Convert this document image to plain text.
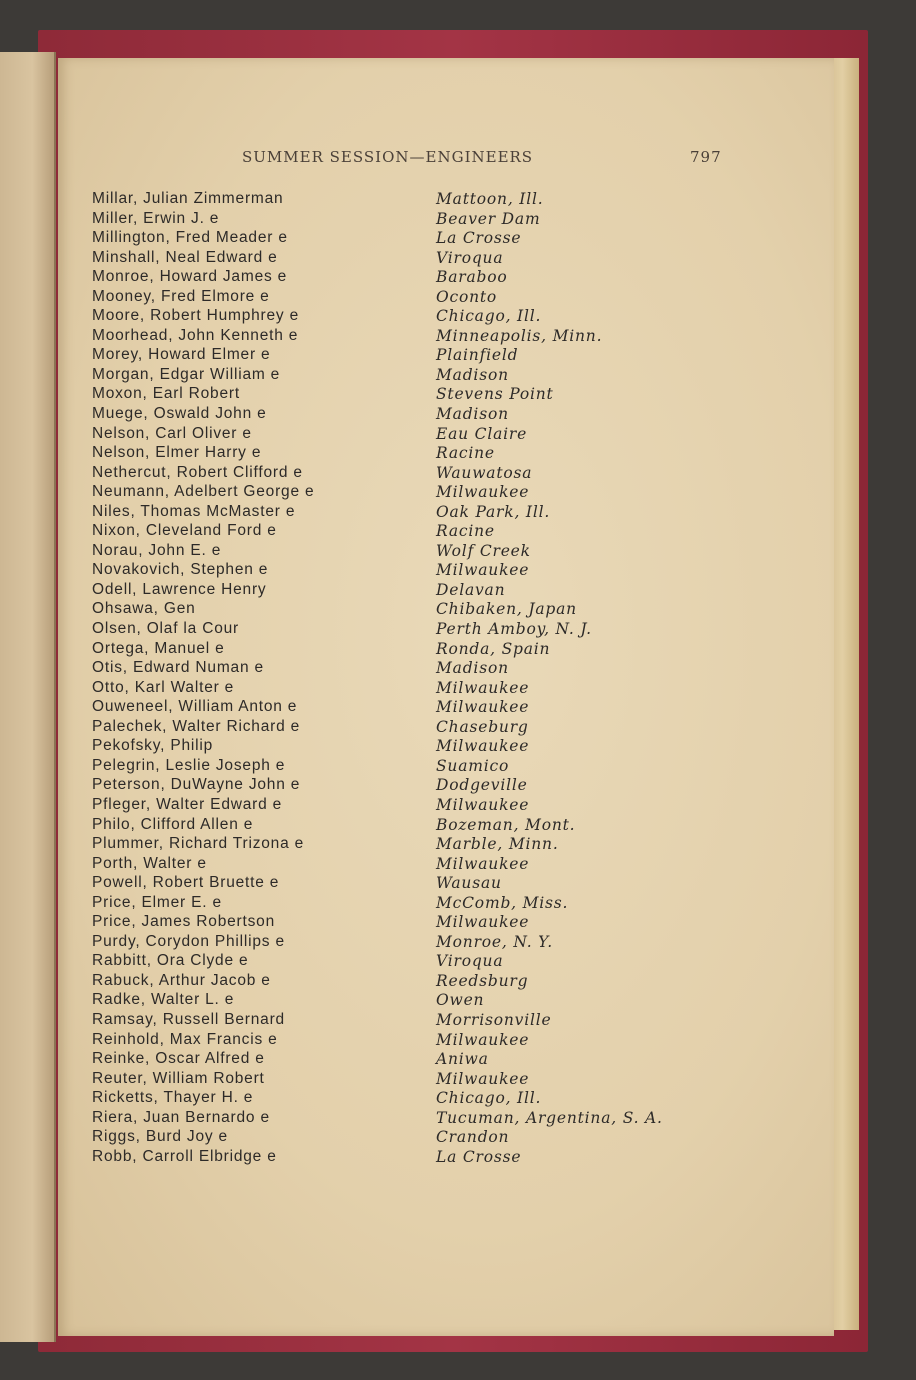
SUMMER SESSION—ENGINEERS	797
Millar, Julian Zimmerman	Mattoon, Ill.
Miller, Erwin J. e	Beaver Dam
Millington, Fred Meader e	La Crosse
Minshall, Neal Edward e	Viroqua
Monroe, Howard James e	Baraboo
Mooney, Fred Elmore e	Oconto
Moore, Robert Humphrey e	Chicago, Ill.
Moorhead, John Kenneth e	Minneapolis, Minn.
Morey, Howard Elmer e	Plainfield
Morgan, Edgar William e	Madison
Moxon, Earl Robert	Stevens Point
Muege, Oswald John e	Madison
Nelson, Carl Oliver e	Eau Claire
Nelson, Elmer Harry e	Racine
Nethercut, Robert Clifford e	Wauwatosa
Neumann, Adelbert George e	Milwaukee
Niles, Thomas McMaster e	Oak Park, Ill.
Nixon, Cleveland Ford e	Racine
Norau, John E. e	Wolf Creek
Novakovich, Stephen e	Milwaukee
Odell, Lawrence Henry	Delavan
Ohsawa, Gen	Chibaken, Japan
Olsen, Olaf la Cour	Perth Amboy, N. J.
Ortega, Manuel e	Ronda, Spain
Otis, Edward Numan e	Madison
Otto, Karl Walter e	Milwaukee
Ouweneel, William Anton e	Milwaukee
Palechek, Walter Richard e	Chaseburg
Pekofsky, Philip	Milwaukee
Pelegrin, Leslie Joseph e	Suamico
Peterson, DuWayne John e	Dodgeville
Pfleger, Walter Edward e	Milwaukee
Philo, Clifford Allen e	Bozeman, Mont.
Plummer, Richard Trizona e	Marble, Minn.
Porth, Walter e	Milwaukee
Powell, Robert Bruette e	Wausau
Price, Elmer E. e	McComb, Miss.
Price, James Robertson	Milwaukee
Purdy, Corydon Phillips e	Monroe, N. Y.
Rabbitt, Ora Clyde e	Viroqua
Rabuck, Arthur Jacob e	Reedsburg
Radke, Walter L. e	Owen
Ramsay, Russell Bernard	Morrisonville
Reinhold, Max Francis e	Milwaukee
Reinke, Oscar Alfred e	Aniwa
Reuter, William Robert	Milwaukee
Ricketts, Thayer H. e	Chicago, Ill.
Riera, Juan Bernardo e	Tucuman, Argentina, S. A.
Riggs, Burd Joy e	Crandon
Robb, Carroll Elbridge e	La Crosse
